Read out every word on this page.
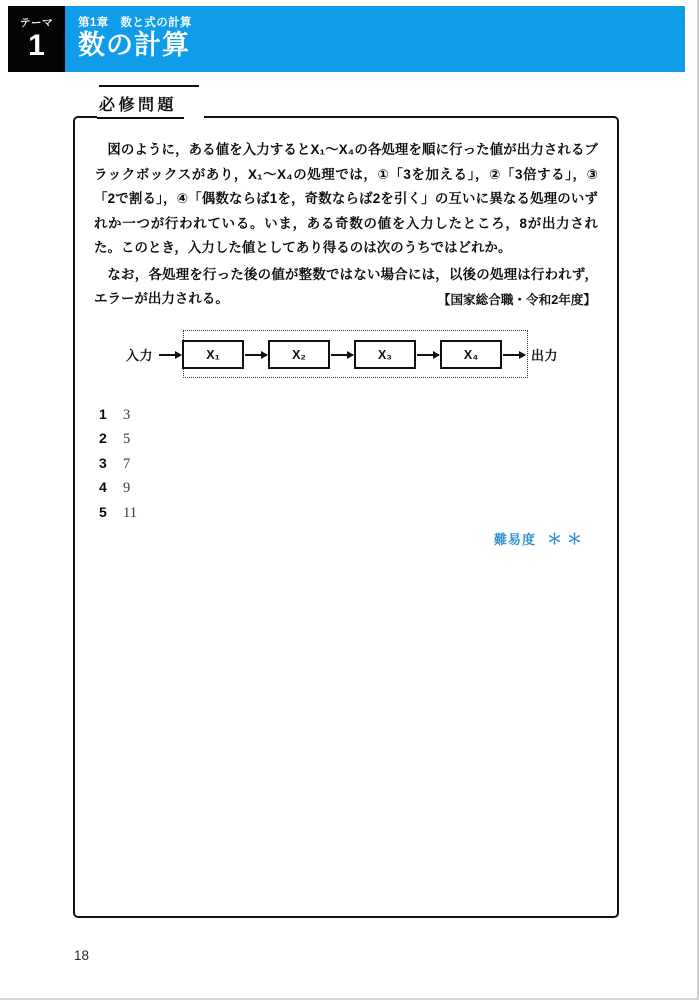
テーマ
1
第1章　数と式の計算
数の計算
必修問題

図のように，ある値を入力するとX₁〜X₄の各処理を順に行った値が出力されるブラックボックスがあり，X₁〜X₄の処理では，①「3を加える」，②「3倍する」，③「2で割る」，④「偶数ならば1を，奇数ならば2を引く」の互いに異なる処理のいずれか一つが行われている。いま，ある奇数の値を入力したところ，8が出力された。このとき，入力した値としてあり得るのは次のうちではどれか。

なお，各処理を行った後の値が整数ではない場合には，以後の処理は行われず，エラーが出力される。	【国家総合職・令和2年度】
入力	X₁	X₂	X₃	X₄	出力
1	3
2	5
3	7
4	9
5	11
難易度 ＊＊
18
